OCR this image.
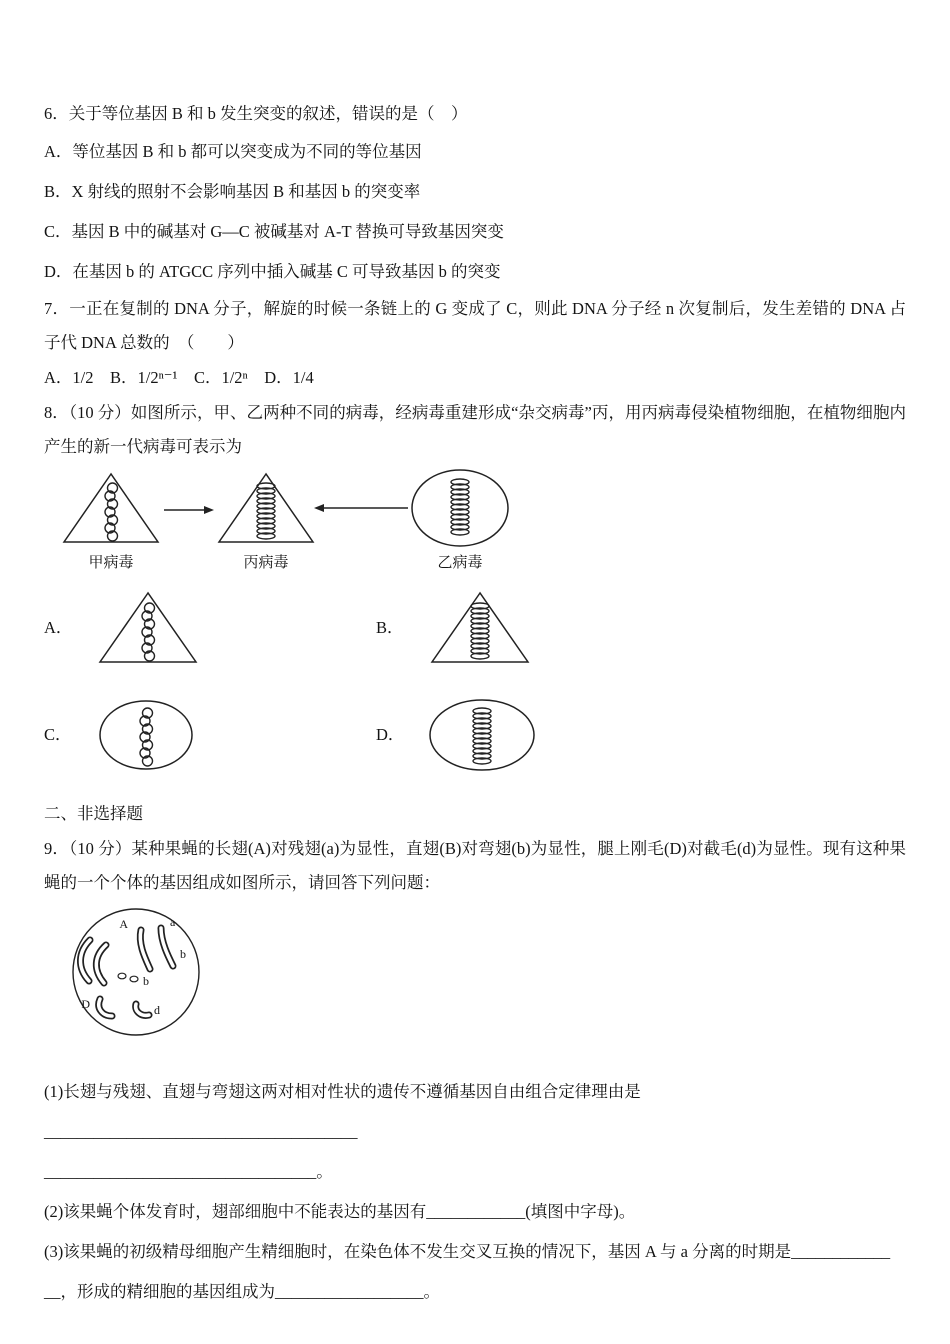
6．关于等位基因 B 和 b 发生突变的叙述，错误的是（　）
A．等位基因 B 和 b 都可以突变成为不同的等位基因
B．X 射线的照射不会影响基因 B 和基因 b 的突变率
C．基因 B 中的碱基对 G—C 被碱基对 A-T 替换可导致基因突变
D．在基因 b 的 ATGCC 序列中插入碱基 C 可导致基因 b 的突变

7．一正在复制的 DNA 分子，解旋的时候一条链上的 G 变成了 C，则此 DNA 分子经 n 次复制后，发生差错的 DNA 占子代 DNA 总数的　（　　）

A．1/2　B．1/2ⁿ⁻¹　C．1/2ⁿ　D．1/4

8．（10 分）如图所示，甲、乙两种不同的病毒，经病毒重建形成“杂交病毒”丙，用丙病毒侵染植物细胞，在植物细胞内产生的新一代病毒可表示为

甲病毒	丙病毒	乙病毒
A．	B．
C．	D．
二、非选择题

9．（10 分）某种果蝇的长翅(A)对残翅(a)为显性，直翅(B)对弯翅(b)为显性，腿上刚毛(D)对截毛(d)为显性。现有这种果蝇的一个个体的基因组成如图所示，请回答下列问题：

A	a
b
b
D	d
(1)长翅与残翅、直翅与弯翅这两对相对性状的遗传不遵循基因自由组合定律理由是______________________________________
_________________________________。
(2)该果蝇个体发育时，翅部细胞中不能表达的基因有____________(填图中字母)。
(3)该果蝇的初级精母细胞产生精细胞时，在染色体不发生交叉互换的情况下，基因 A 与 a 分离的时期是____________
__，形成的精细胞的基因组成为__________________。
